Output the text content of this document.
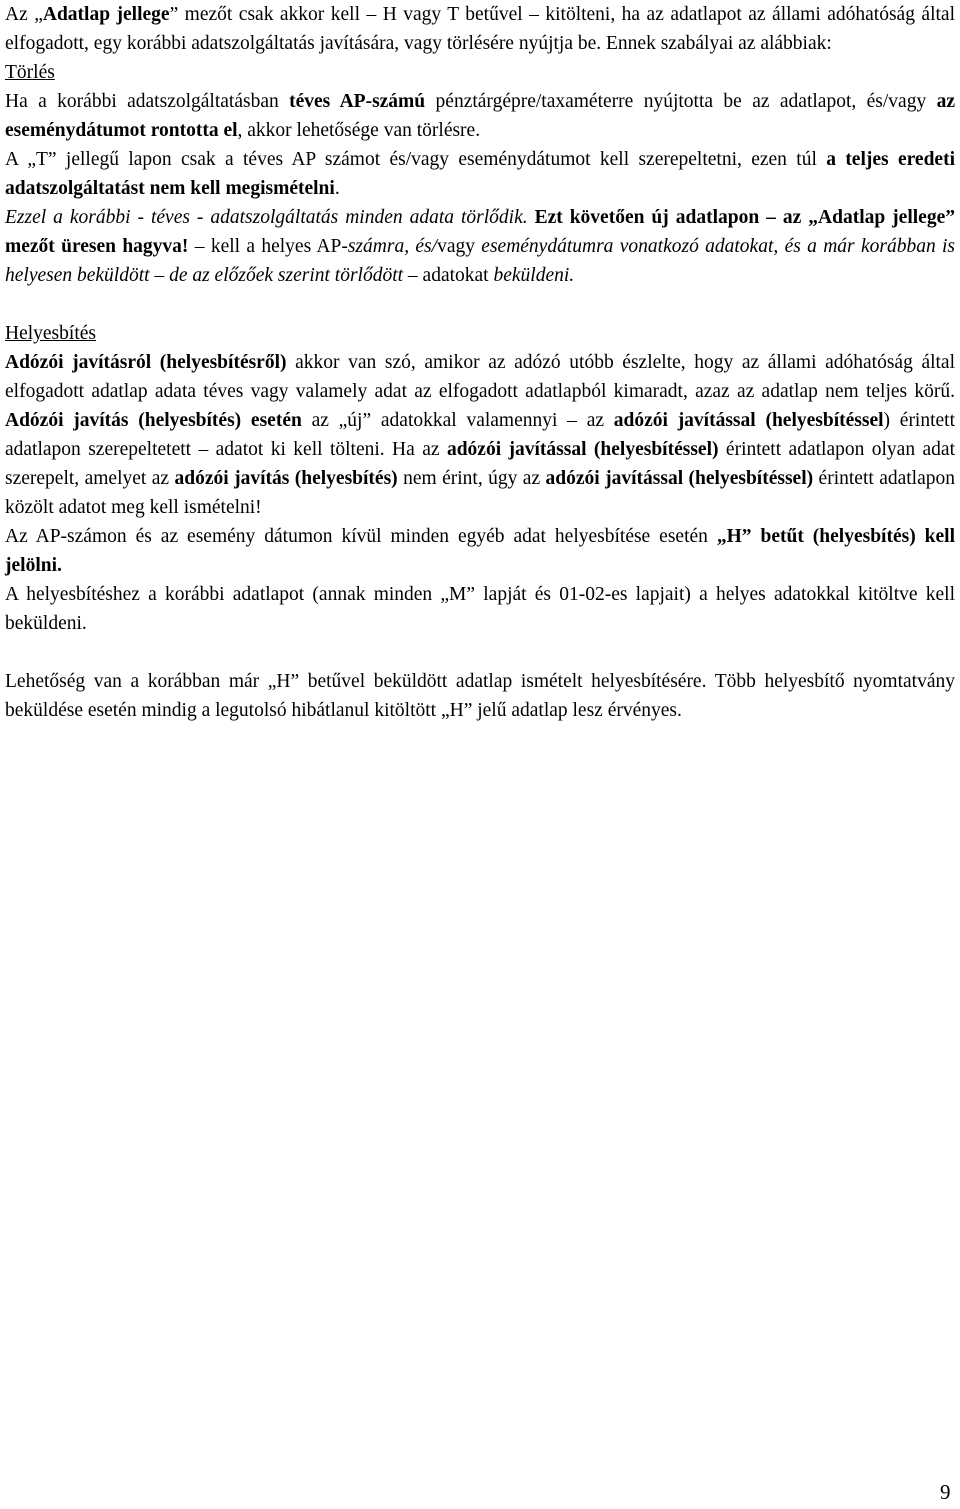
Az „Adatlap jellege” mezőt csak akkor kell – H vagy T betűvel – kitölteni, ha az adatlapot az állami adóhatóság által elfogadott, egy korábbi adatszolgáltatás javítására, vagy törlésére nyújtja be. Ennek szabályai az alábbiak:

Törlés

Ha a korábbi adatszolgáltatásban téves AP-számú pénztárgépre/taxaméterre nyújtotta be az adatlapot, és/vagy az eseménydátumot rontotta el, akkor lehetősége van törlésre.

A „T” jellegű lapon csak a téves AP számot és/vagy eseménydátumot kell szerepeltetni, ezen túl a teljes eredeti adatszolgáltatást nem kell megismételni.

Ezzel a korábbi - téves - adatszolgáltatás minden adata törlődik. Ezt követően új adatlapon – az „Adatlap jellege” mezőt üresen hagyva! – kell a helyes AP-számra, és/vagy eseménydátumra vonatkozó adatokat, és a már korábban is helyesen beküldött – de az előzőek szerint törlődött – adatokat beküldeni.

Helyesbítés

Adózói javításról (helyesbítésről) akkor van szó, amikor az adózó utóbb észlelte, hogy az állami adóhatóság által elfogadott adatlap adata téves vagy valamely adat az elfogadott adatlapból kimaradt, azaz az adatlap nem teljes körű. Adózói javítás (helyesbítés) esetén az „új” adatokkal valamennyi – az adózói javítással (helyesbítéssel) érintett adatlapon szerepeltetett – adatot ki kell tölteni. Ha az adózói javítással (helyesbítéssel) érintett adatlapon olyan adat szerepelt, amelyet az adózói javítás (helyesbítés) nem érint, úgy az adózói javítással (helyesbítéssel) érintett adatlapon közölt adatot meg kell ismételni!

Az AP-számon és az esemény dátumon kívül minden egyéb adat helyesbítése esetén „H” betűt (helyesbítés) kell jelölni.

A helyesbítéshez a korábbi adatlapot (annak minden „M” lapját és 01-02-es lapjait) a helyes adatokkal kitöltve kell beküldeni.

Lehetőség van a korábban már „H” betűvel beküldött adatlap ismételt helyesbítésére. Több helyesbítő nyomtatvány beküldése esetén mindig a legutolsó hibátlanul kitöltött „H” jelű adatlap lesz érvényes.

9
